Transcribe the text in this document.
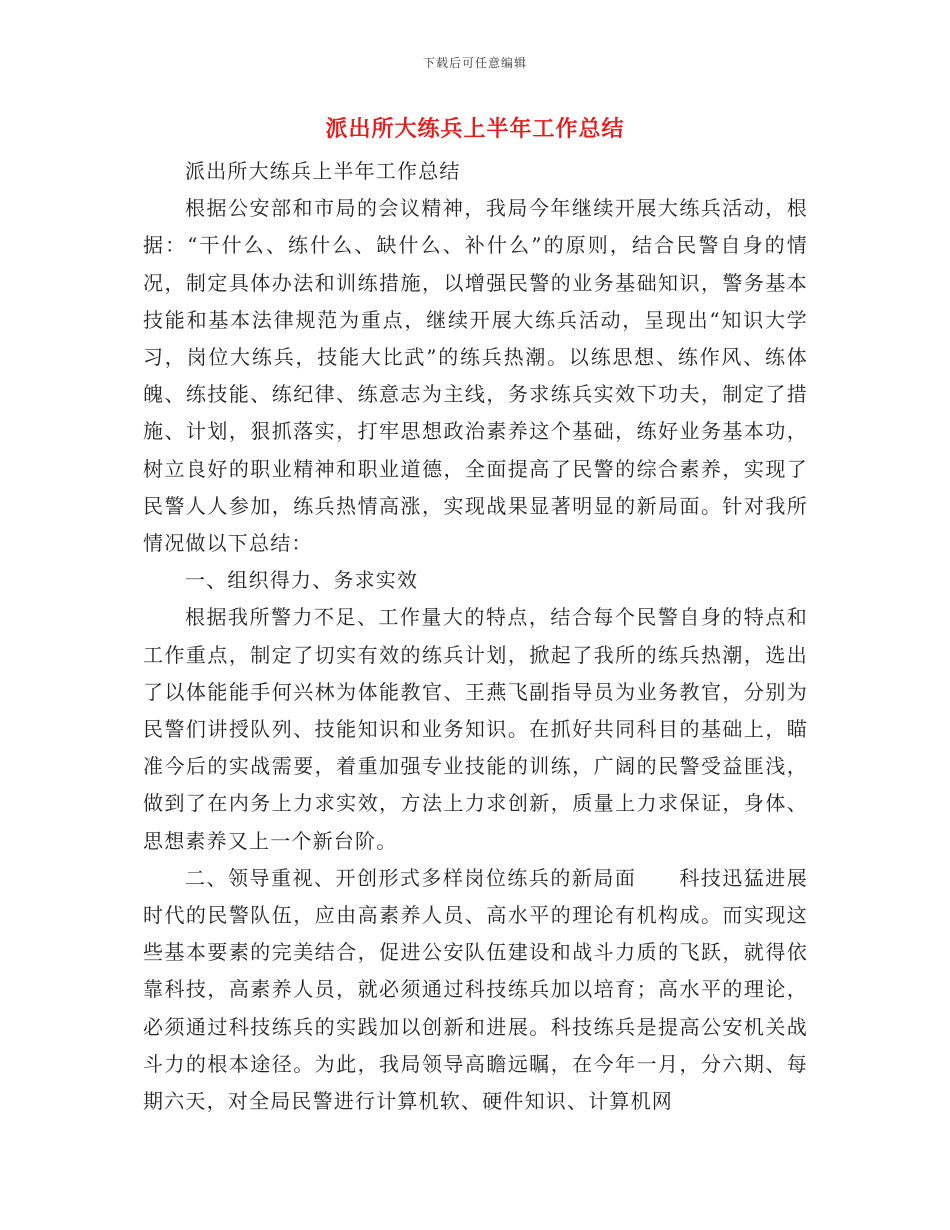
下载后可任意编辑
派出所大练兵上半年工作总结

派出所大练兵上半年工作总结

根据公安部和市局的会议精神，我局今年继续开展大练兵活动，根据：“干什么、练什么、缺什么、补什么”的原则，结合民警自身的情况，制定具体办法和训练措施，以增强民警的业务基础知识，警务基本技能和基本法律规范为重点，继续开展大练兵活动，呈现出“知识大学习，岗位大练兵，技能大比武”的练兵热潮。以练思想、练作风、练体魄、练技能、练纪律、练意志为主线，务求练兵实效下功夫，制定了措施、计划，狠抓落实，打牢思想政治素养这个基础，练好业务基本功，树立良好的职业精神和职业道德，全面提高了民警的综合素养，实现了民警人人参加，练兵热情高涨，实现战果显著明显的新局面。针对我所情况做以下总结：

一、组织得力、务求实效

根据我所警力不足、工作量大的特点，结合每个民警自身的特点和工作重点，制定了切实有效的练兵计划，掀起了我所的练兵热潮，选出了以体能能手何兴林为体能教官、王燕飞副指导员为业务教官，分别为民警们讲授队列、技能知识和业务知识。在抓好共同科目的基础上，瞄准今后的实战需要，着重加强专业技能的训练，广阔的民警受益匪浅，做到了在内务上力求实效，方法上力求创新，质量上力求保证，身体、思想素养又上一个新台阶。

二、领导重视、开创形式多样岗位练兵的新局面　　科技迅猛进展时代的民警队伍，应由高素养人员、高水平的理论有机构成。而实现这些基本要素的完美结合，促进公安队伍建设和战斗力质的飞跃，就得依靠科技，高素养人员，就必须通过科技练兵加以培育；高水平的理论，必须通过科技练兵的实践加以创新和进展。科技练兵是提高公安机关战斗力的根本途径。为此，我局领导高瞻远瞩，在今年一月，分六期、每期六天，对全局民警进行计算机软、硬件知识、计算机网
